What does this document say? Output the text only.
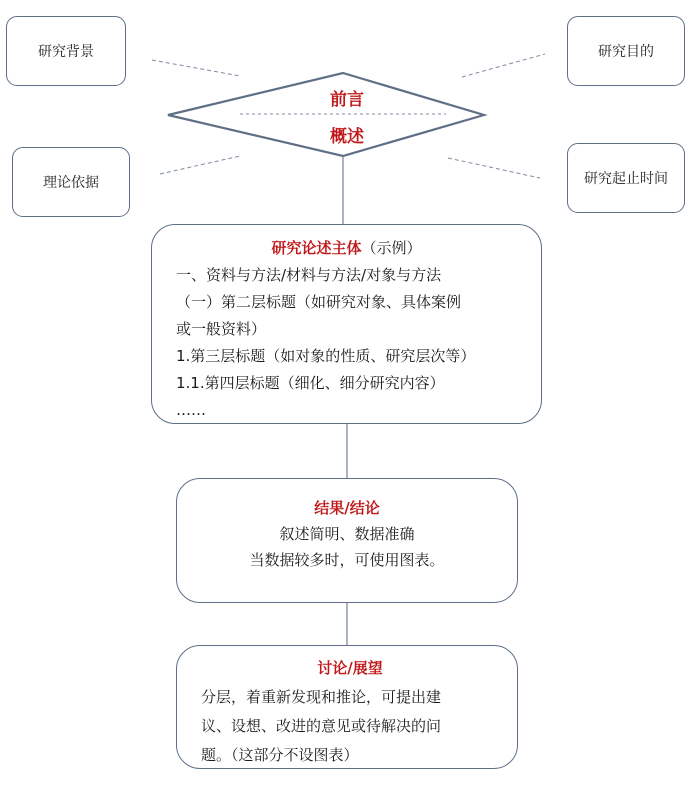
研究背景	研究目的
理论依据	研究起止时间
前言
概述
研究论述主体（示例）
一、资料与方法/材料与方法/对象与方法
（一）第二层标题（如研究对象、具体案例
或一般资料）
1.第三层标题（如对象的性质、研究层次等）
1.1.第四层标题（细化、细分研究内容）
……
结果/结论
叙述简明、数据准确
当数据较多时，可使用图表。
讨论/展望
分层，着重新发现和推论，可提出建
议、设想、改进的意见或待解决的问
题。（这部分不设图表）
